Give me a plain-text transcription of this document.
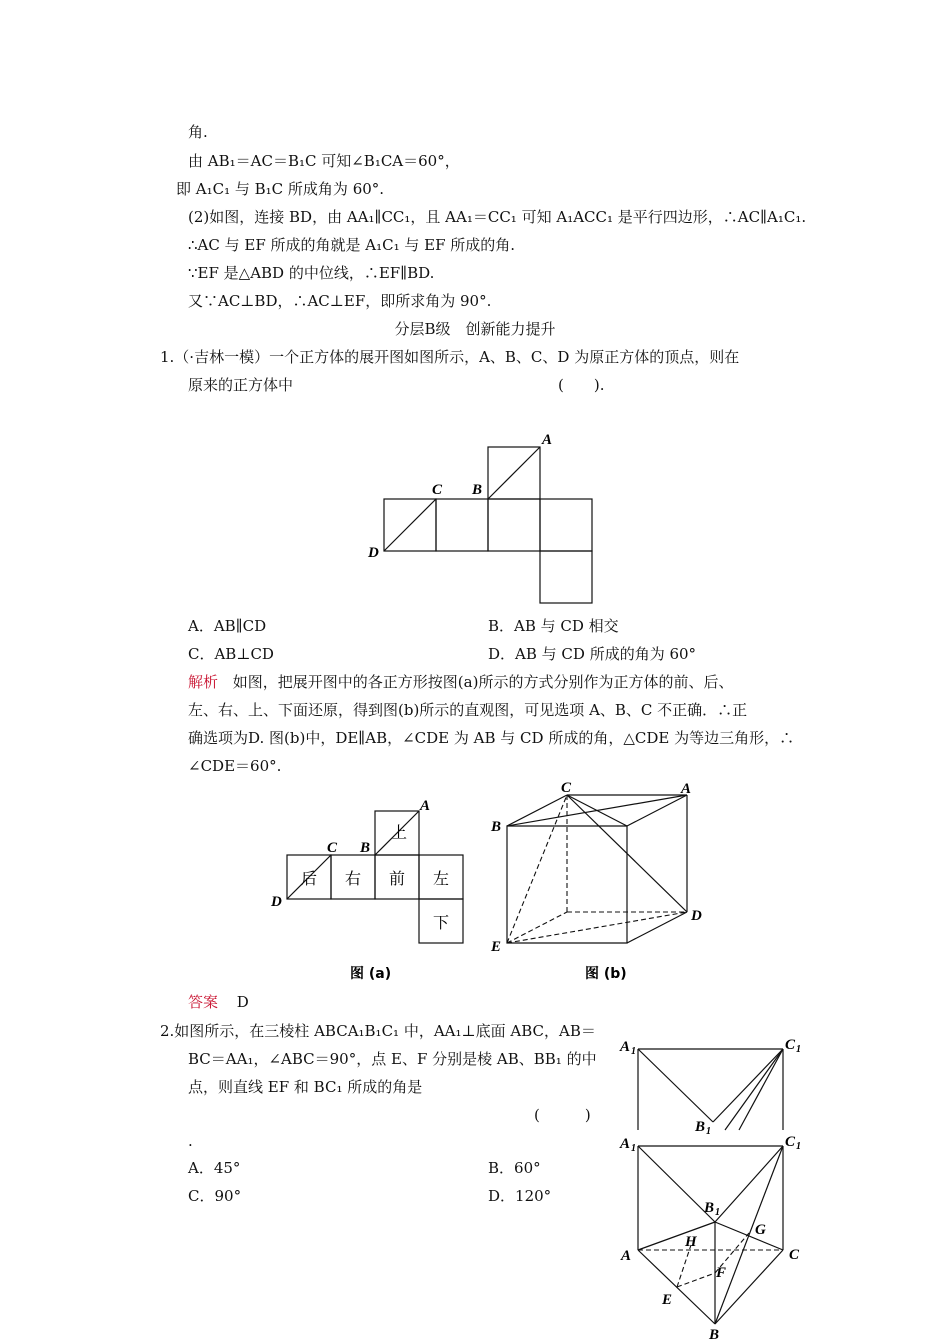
角.
由 AB₁＝AC＝B₁C 可知∠B₁CA＝60°，
即 A₁C₁ 与 B₁C 所成角为 60°.
(2)如图，连接 BD，由 AA₁∥CC₁，且 AA₁＝CC₁ 可知 A₁ACC₁ 是平行四边形，∴AC∥A₁C₁.
∴AC 与 EF 所成的角就是 A₁C₁ 与 EF 所成的角.
∵EF 是△ABD 的中位线，∴EF∥BD.
又∵AC⊥BD，∴AC⊥EF，即所求角为 90°.
分层B级　创新能力提升
1.（·吉林一模）一个正方体的展开图如图所示，A、B、C、D 为原正方体的顶点，则在
原来的正方体中	(　　).
A
B
C
D
A．AB∥CD	B．AB 与 CD 相交
C．AB⊥CD	D．AB 与 CD 所成的角为 60°
解析 如图，把展开图中的各正方形按图(a)所示的方式分别作为正方体的前、后、
左、右、上、下面还原，得到图(b)所示的直观图，可见选项 A、B、C 不正确．∴正
确选项为D. 图(b)中，DE∥AB，∠CDE 为 AB 与 CD 所成的角，△CDE 为等边三角形，∴
∠CDE＝60°.
上
后 右 前 左
下
A
B
C
D
图 (a)
C	A
B
D
E
图 (b)
答案 D
2.如图所示，在三棱柱 ABCA₁B₁C₁ 中，AA₁⊥底面 ABC，AB＝
BC＝AA₁，∠ABC＝90°，点 E、F 分别是棱 AB、BB₁ 的中
点，则直线 EF 和 BC₁ 所成的角是
(　　　)
.
A．45°	B．60°
C．90°	D．120°
A 1	C 1
B 1
A 1	C 1
B 1
G
H
A	C
F
E
B
